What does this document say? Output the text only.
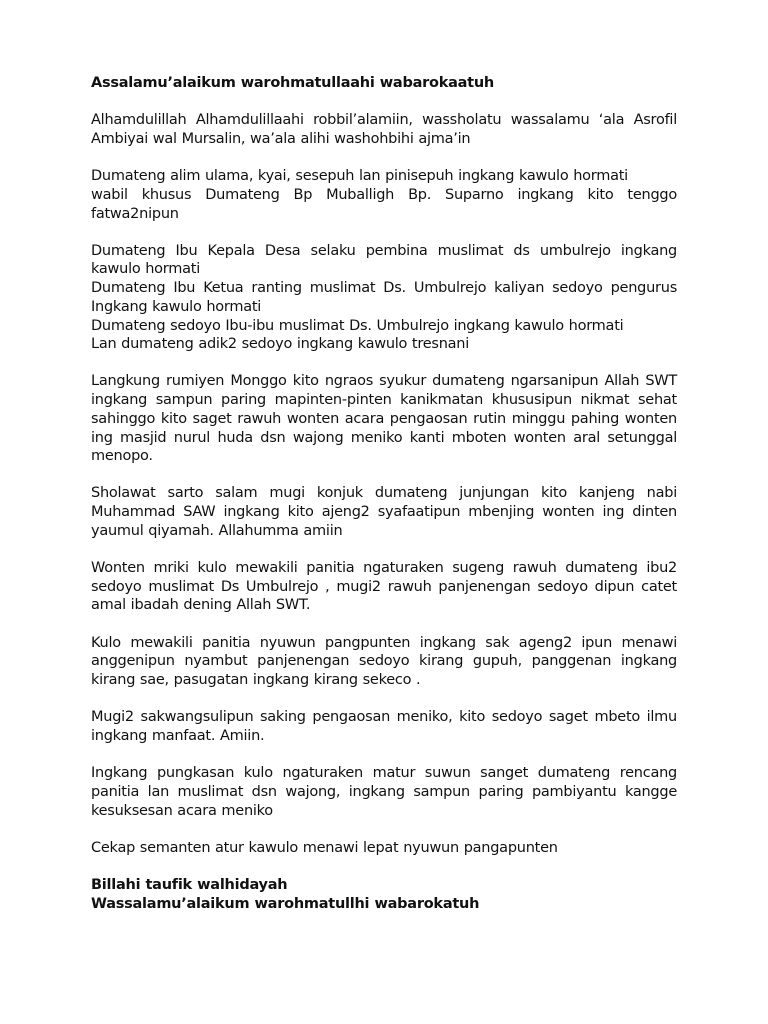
Assalamu’alaikum warohmatullaahi wabarokaatuh

Alhamdulillah Alhamdulillaahi robbil’alamiin, wassholatu wassalamu ‘ala Asrofil
Ambiyai wal Mursalin, wa’ala alihi washohbihi ajma’in

Dumateng alim ulama, kyai, sesepuh lan pinisepuh ingkang kawulo hormati
wabil khusus Dumateng Bp Muballigh Bp. Suparno ingkang kito tenggo
fatwa2nipun

Dumateng Ibu Kepala Desa selaku pembina muslimat ds umbulrejo ingkang
kawulo hormati
Dumateng Ibu Ketua ranting muslimat Ds. Umbulrejo kaliyan sedoyo pengurus
Ingkang kawulo hormati
Dumateng sedoyo Ibu-ibu muslimat Ds. Umbulrejo ingkang kawulo hormati
Lan dumateng adik2 sedoyo ingkang kawulo tresnani

Langkung rumiyen Monggo kito ngraos syukur dumateng ngarsanipun Allah SWT
ingkang sampun paring mapinten-pinten kanikmatan khususipun nikmat sehat
sahinggo kito saget rawuh wonten acara pengaosan rutin minggu pahing wonten
ing masjid nurul huda dsn wajong meniko kanti mboten wonten aral setunggal
menopo.

Sholawat sarto salam mugi konjuk dumateng junjungan kito kanjeng nabi
Muhammad SAW ingkang kito ajeng2 syafaatipun mbenjing wonten ing dinten
yaumul qiyamah. Allahumma amiin

Wonten mriki kulo mewakili panitia ngaturaken sugeng rawuh dumateng ibu2
sedoyo muslimat Ds Umbulrejo , mugi2 rawuh panjenengan sedoyo dipun catet
amal ibadah dening Allah SWT.

Kulo mewakili panitia nyuwun pangpunten ingkang sak ageng2 ipun menawi
anggenipun nyambut panjenengan sedoyo kirang gupuh, panggenan ingkang
kirang sae, pasugatan ingkang kirang sekeco .

Mugi2 sakwangsulipun saking pengaosan meniko, kito sedoyo saget mbeto ilmu
ingkang manfaat. Amiin.

Ingkang pungkasan kulo ngaturaken matur suwun sanget dumateng rencang
panitia lan muslimat dsn wajong, ingkang sampun paring pambiyantu kangge
kesuksesan acara meniko

Cekap semanten atur kawulo menawi lepat nyuwun pangapunten

Billahi taufik walhidayah
Wassalamu’alaikum warohmatullhi wabarokatuh
